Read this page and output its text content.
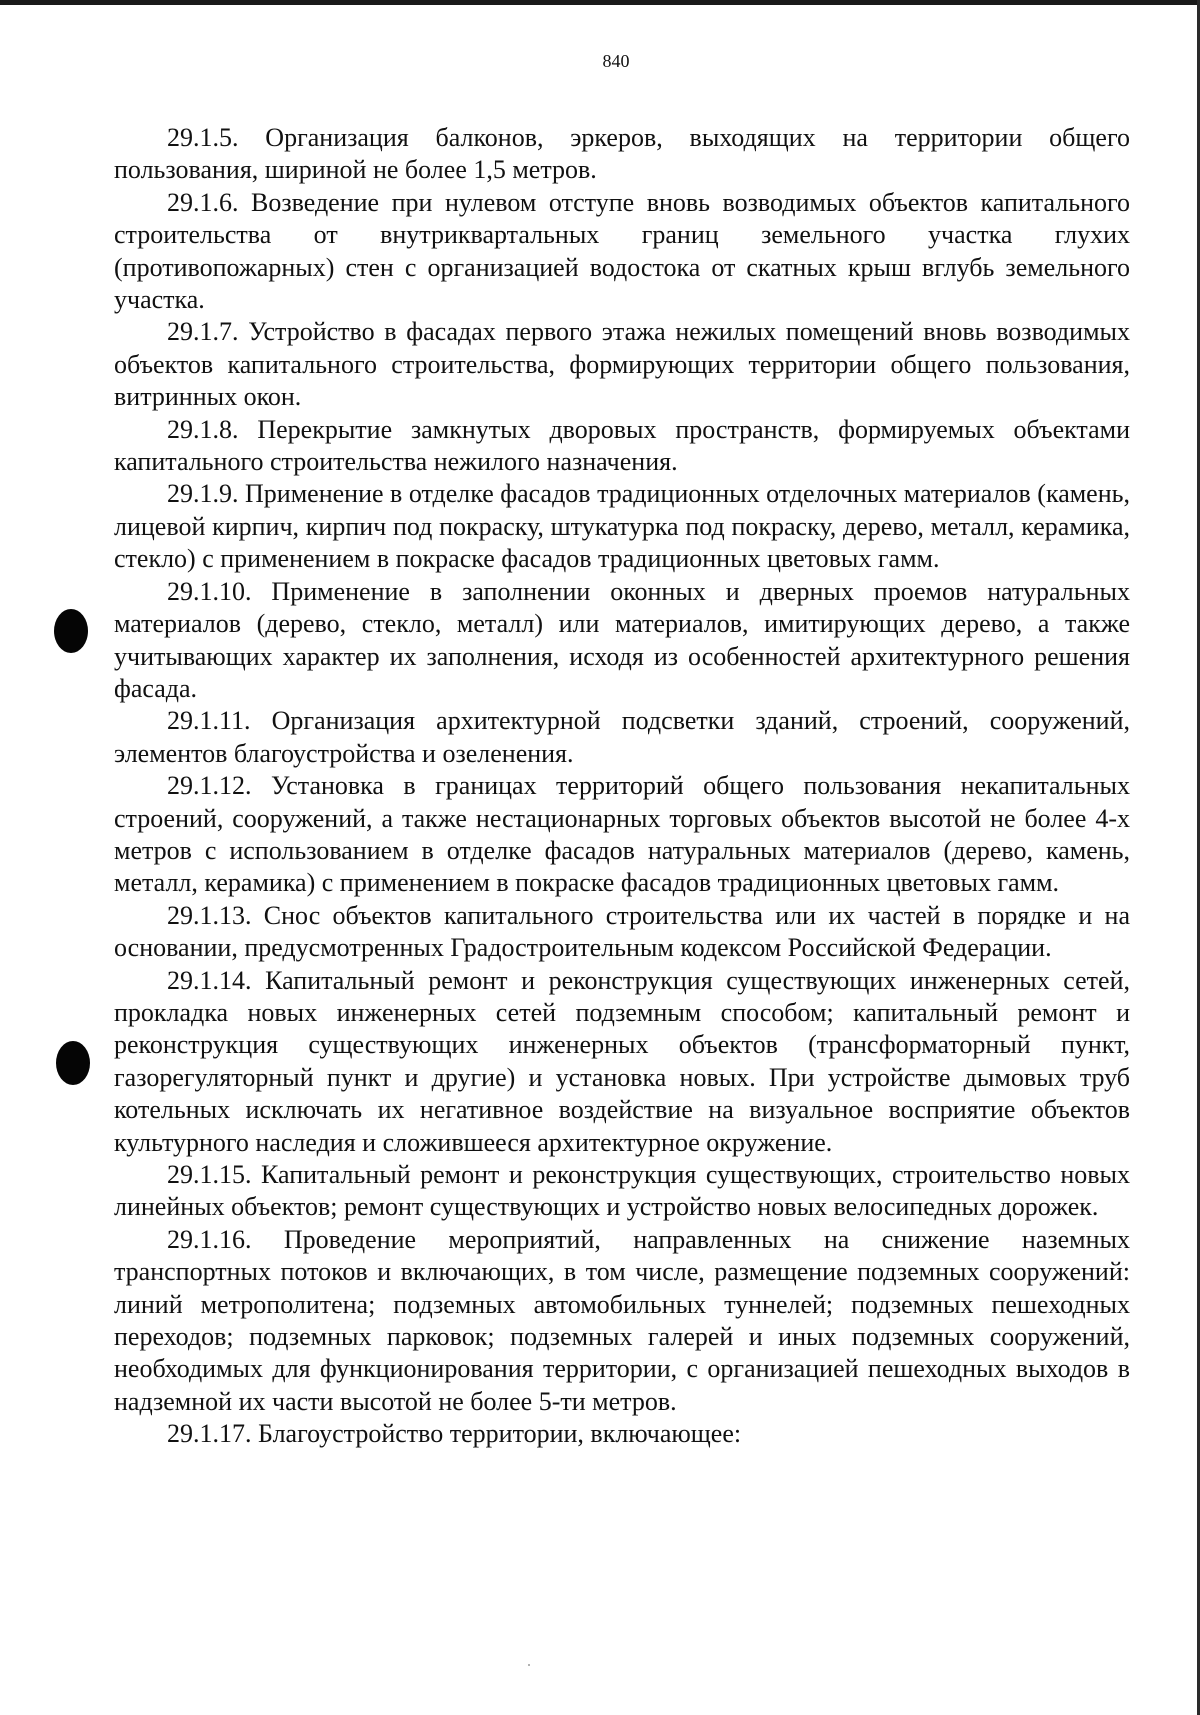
840

29.1.5. Организация балконов, эркеров, выходящих на территории общего пользования, шириной не более 1,5 метров.

29.1.6. Возведение при нулевом отступе вновь возводимых объектов капитального строительства от внутриквартальных границ земельного участка глухих (противопожарных) стен с организацией водостока от скатных крыш вглубь земельного участка.

29.1.7. Устройство в фасадах первого этажа нежилых помещений вновь возводимых объектов капитального строительства, формирующих территории общего пользования, витринных окон.

29.1.8. Перекрытие замкнутых дворовых пространств, формируемых объектами капитального строительства нежилого назначения.

29.1.9. Применение в отделке фасадов традиционных отделочных материалов (камень, лицевой кирпич, кирпич под покраску, штукатурка под покраску, дерево, металл, керамика, стекло) с применением в покраске фасадов традиционных цветовых гамм.

29.1.10. Применение в заполнении оконных и дверных проемов натуральных материалов (дерево, стекло, металл) или материалов, имитирующих дерево, а также учитывающих характер их заполнения, исходя из особенностей архитектурного решения фасада.

29.1.11. Организация архитектурной подсветки зданий, строений, сооружений, элементов благоустройства и озеленения.

29.1.12. Установка в границах территорий общего пользования некапитальных строений, сооружений, а также нестационарных торговых объектов высотой не более 4-х метров с использованием в отделке фасадов натуральных материалов (дерево, камень, металл, керамика) с применением в покраске фасадов традиционных цветовых гамм.

29.1.13. Снос объектов капитального строительства или их частей в порядке и на основании, предусмотренных Градостроительным кодексом Российской Федерации.

29.1.14. Капитальный ремонт и реконструкция существующих инженерных сетей, прокладка новых инженерных сетей подземным способом; капитальный ремонт и реконструкция существующих инженерных объектов (трансформаторный пункт, газорегуляторный пункт и другие) и установка новых. При устройстве дымовых труб котельных исключать их негативное воздействие на визуальное восприятие объектов культурного наследия и сложившееся архитектурное окружение.

29.1.15. Капитальный ремонт и реконструкция существующих, строительство новых линейных объектов; ремонт существующих и устройство новых велосипедных дорожек.

29.1.16. Проведение мероприятий, направленных на снижение наземных транспортных потоков и включающих, в том числе, размещение подземных сооружений: линий метрополитена; подземных автомобильных туннелей; подземных пешеходных переходов; подземных парковок; подземных галерей и иных подземных сооружений, необходимых для функционирования территории, с организацией пешеходных выходов в надземной их части высотой не более 5-ти метров.

29.1.17. Благоустройство территории, включающее:
